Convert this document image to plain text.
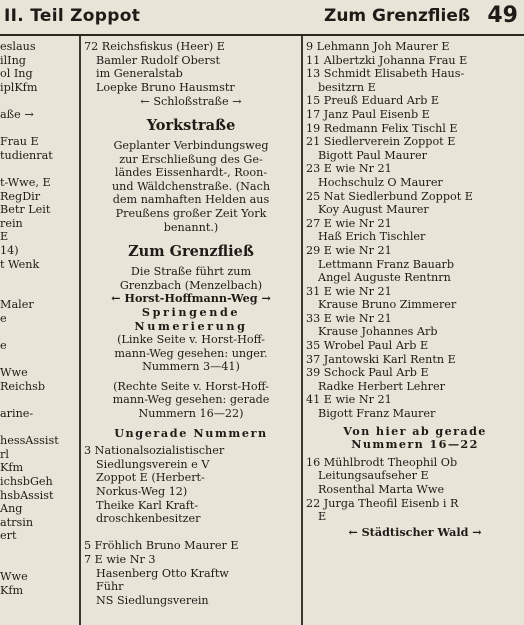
II. Teil Zoppot	Zum Grenzfließ 49
eslaus
ilIng
ol Ing
iplKfm

aße →

Frau E
tudienrat

t-Wwe, E
RegDir
Betr Leit
rein
E
14)
t Wenk

Maler
e

e

Wwe
Reichsb

arine-

hessAssist
rl
Kfm
ichsbGeh
hsbAssist
Ang
atrsin
ert

Wwe
Kfm
72 Reichsfiskus (Heer) E
Bamler Rudolf Oberst
im Generalstab
Loepke Bruno Hausmstr
← Schloßstraße →
Yorkstraße
Geplanter Verbindungsweg
zur Erschließung des Ge-
ländes Eissenhardt-, Roon-
und Wäldchenstraße. (Nach
dem namhaften Helden aus
Preußens großer Zeit York
benannt.)
Zum Grenzfließ
Die Straße führt zum
Grenzbach (Menzelbach)
← Horst-Hoffmann-Weg →
Springende
Numerierung
(Linke Seite v. Horst-Hoff-
mann-Weg gesehen: unger.
Nummern 3—41)
(Rechte Seite v. Horst-Hoff-
mann-Weg gesehen: gerade
Nummern 16—22)
Ungerade Nummern
3 Nationalsozialistischer
Siedlungsverein e V
Zoppot E (Herbert-
Norkus-Weg 12)
Theike Karl Kraft-
droschkenbesitzer

5 Fröhlich Bruno Maurer E
7 E wie Nr 3
Hasenberg Otto Kraftw
Führ
NS Siedlungsverein
9 Lehmann Joh Maurer E
11 Albertzki Johanna Frau E
13 Schmidt Elisabeth Haus-
besitzrn E
15 Preuß Eduard Arb E
17 Janz Paul Eisenb E
19 Redmann Felix Tischl E
21 Siedlerverein Zoppot E
Bigott Paul Maurer
23 E wie Nr 21
Hochschulz O Maurer
25 Nat Siedlerbund Zoppot E
Koy August Maurer
27 E wie Nr 21
Haß Erich Tischler
29 E wie Nr 21
Lettmann Franz Bauarb
Angel Auguste Rentnrn
31 E wie Nr 21
Krause Bruno Zimmerer
33 E wie Nr 21
Krause Johannes Arb
35 Wrobel Paul Arb E
37 Jantowski Karl Rentn E
39 Schock Paul Arb E
Radke Herbert Lehrer
41 E wie Nr 21
Bigott Franz Maurer
Von hier ab gerade
Nummern 16—22
16 Mühlbrodt Theophil Ob
Leitungsaufseher E
Rosenthal Marta Wwe
22 Jurga Theofil Eisenb i R
E
← Städtischer Wald →
